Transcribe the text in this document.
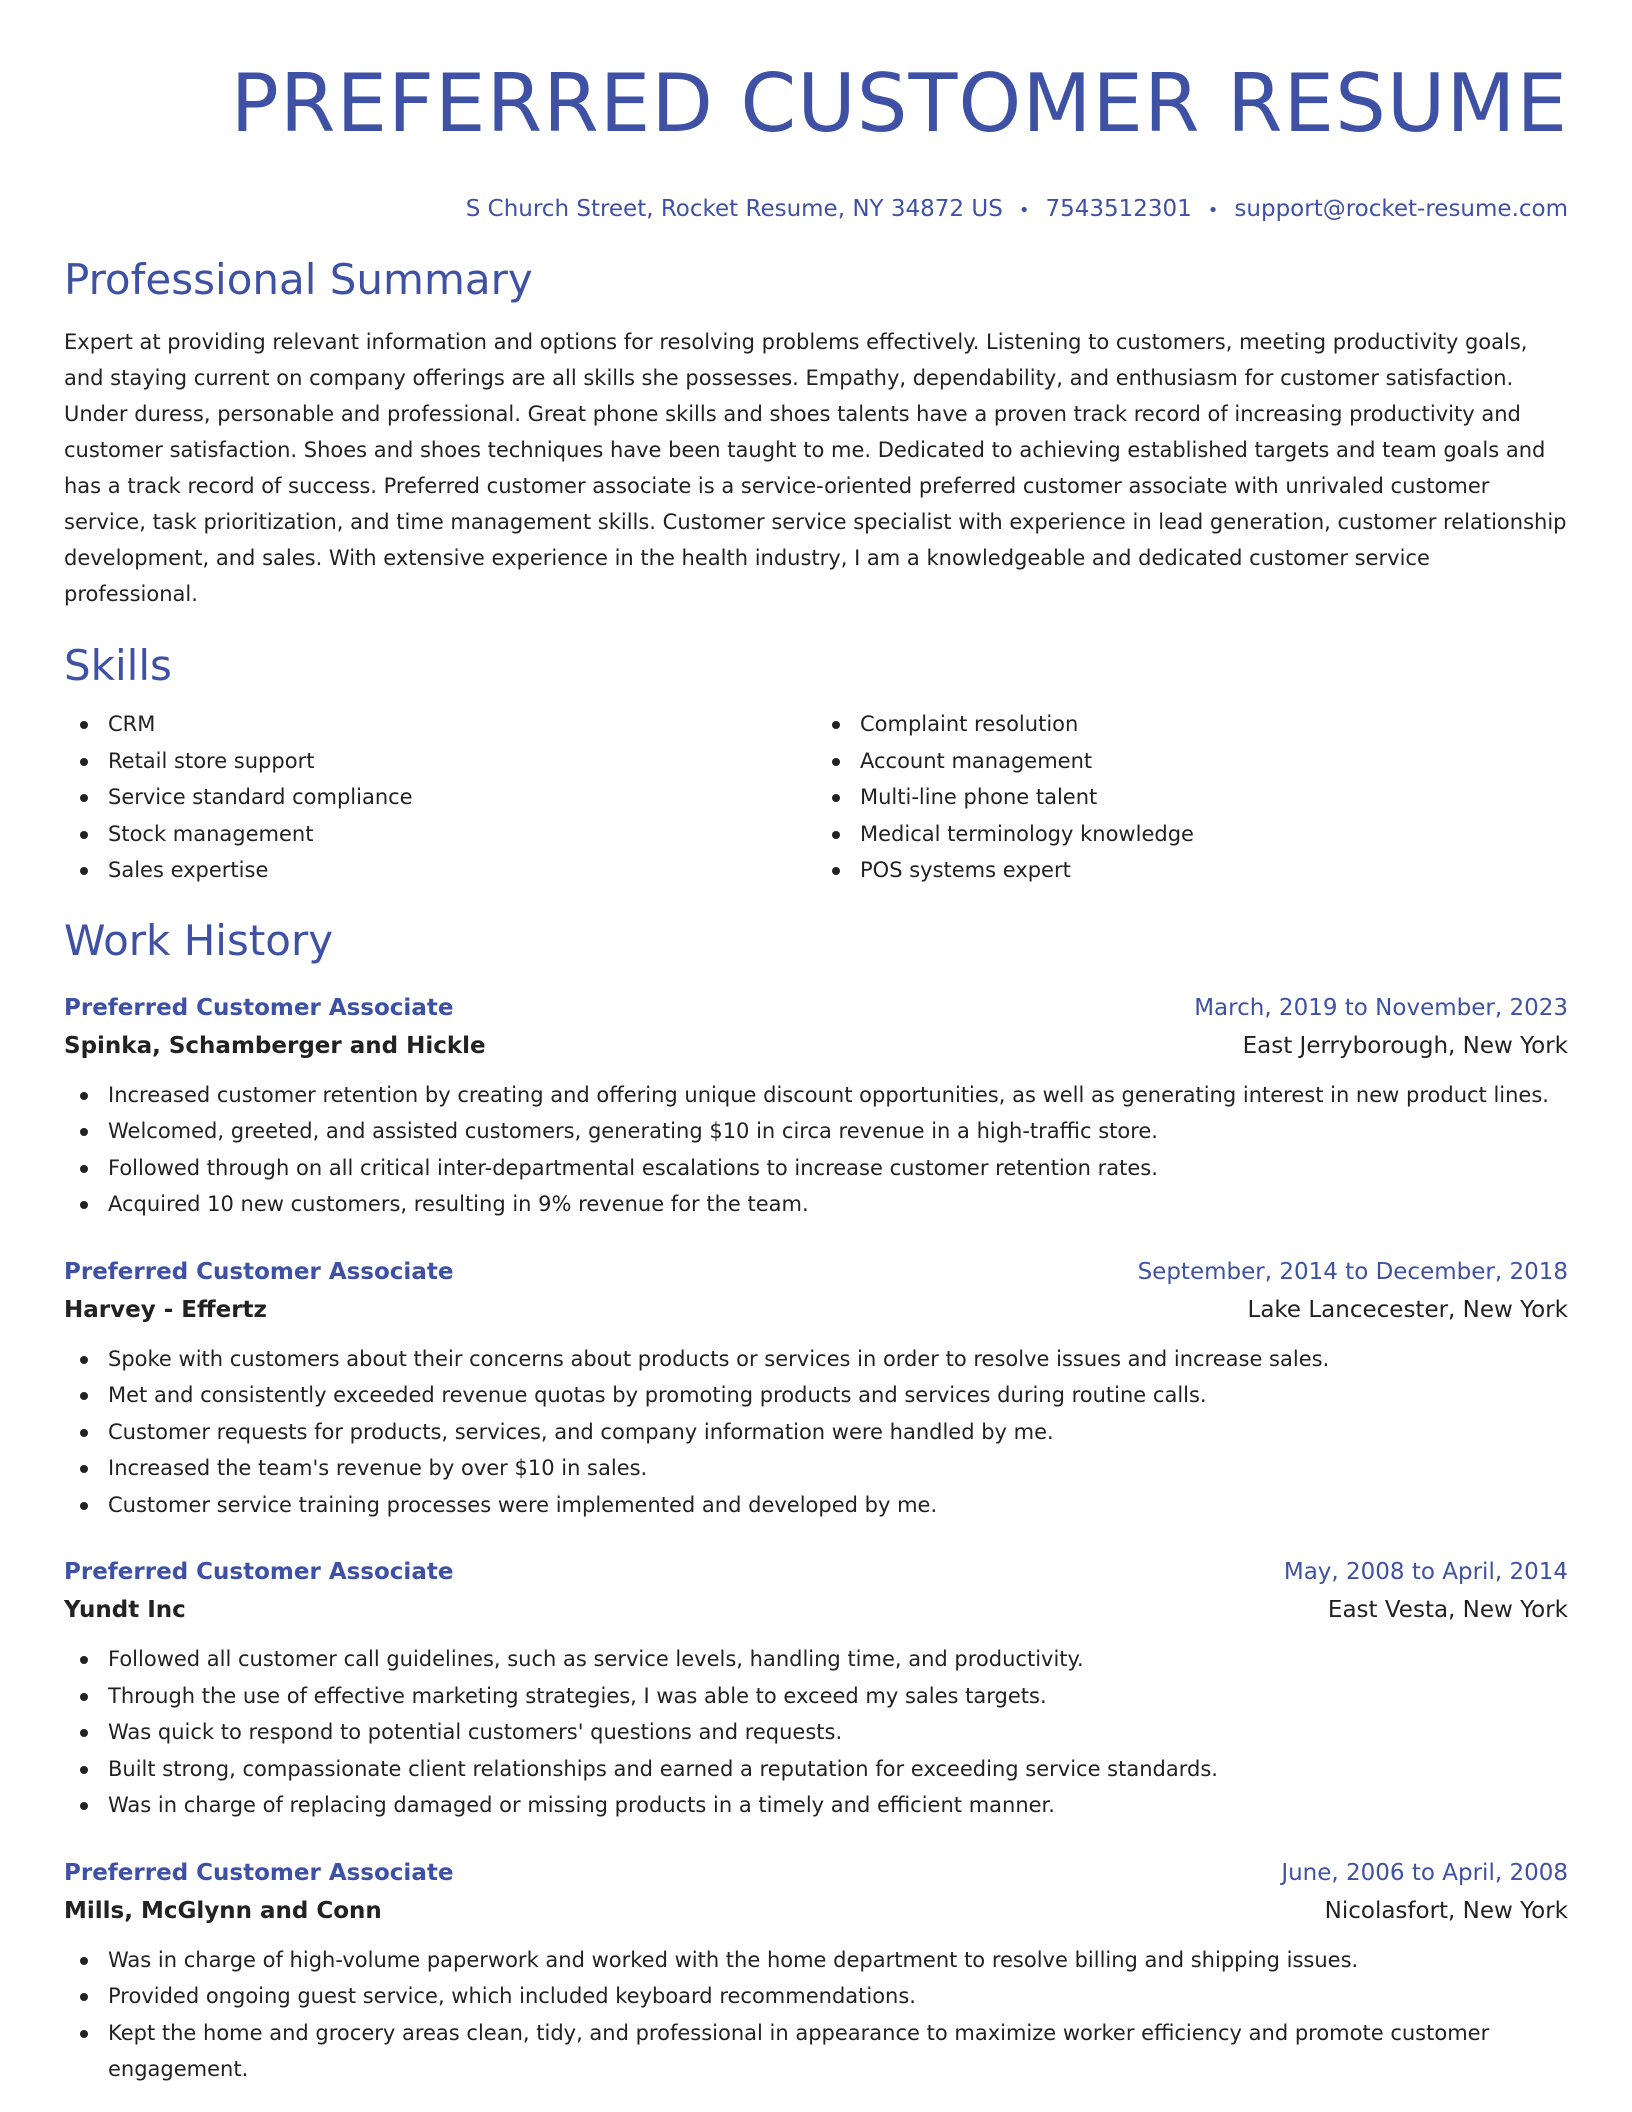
PREFERRED CUSTOMER RESUME
S Church Street, Rocket Resume, NY 34872 US • 7543512301 • support@rocket-resume.com
Professional Summary
Expert at providing relevant information and options for resolving problems effectively. Listening to customers, meeting productivity goals, and staying current on company offerings are all skills she possesses. Empathy, dependability, and enthusiasm for customer satisfaction. Under duress, personable and professional. Great phone skills and shoes talents have a proven track record of increasing productivity and customer satisfaction. Shoes and shoes techniques have been taught to me. Dedicated to achieving established targets and team goals and has a track record of success. Preferred customer associate is a service-oriented preferred customer associate with unrivaled customer service, task prioritization, and time management skills. Customer service specialist with experience in lead generation, customer relationship development, and sales. With extensive experience in the health industry, I am a knowledgeable and dedicated customer service professional.
Skills
CRM
Retail store support
Service standard compliance
Stock management
Sales expertise
Complaint resolution
Account management
Multi-line phone talent
Medical terminology knowledge
POS systems expert
Work History
Preferred Customer Associate	March, 2019 to November, 2023
Spinka, Schamberger and Hickle	East Jerryborough, New York
Increased customer retention by creating and offering unique discount opportunities, as well as generating interest in new product lines.
Welcomed, greeted, and assisted customers, generating $10 in circa revenue in a high-traffic store.
Followed through on all critical inter-departmental escalations to increase customer retention rates.
Acquired 10 new customers, resulting in 9% revenue for the team.
Preferred Customer Associate	September, 2014 to December, 2018
Harvey - Effertz	Lake Lancecester, New York
Spoke with customers about their concerns about products or services in order to resolve issues and increase sales.
Met and consistently exceeded revenue quotas by promoting products and services during routine calls.
Customer requests for products, services, and company information were handled by me.
Increased the team's revenue by over $10 in sales.
Customer service training processes were implemented and developed by me.
Preferred Customer Associate	May, 2008 to April, 2014
Yundt Inc	East Vesta, New York
Followed all customer call guidelines, such as service levels, handling time, and productivity.
Through the use of effective marketing strategies, I was able to exceed my sales targets.
Was quick to respond to potential customers' questions and requests.
Built strong, compassionate client relationships and earned a reputation for exceeding service standards.
Was in charge of replacing damaged or missing products in a timely and efficient manner.
Preferred Customer Associate	June, 2006 to April, 2008
Mills, McGlynn and Conn	Nicolasfort, New York
Was in charge of high-volume paperwork and worked with the home department to resolve billing and shipping issues.
Provided ongoing guest service, which included keyboard recommendations.
Kept the home and grocery areas clean, tidy, and professional in appearance to maximize worker efficiency and promote customer engagement.
